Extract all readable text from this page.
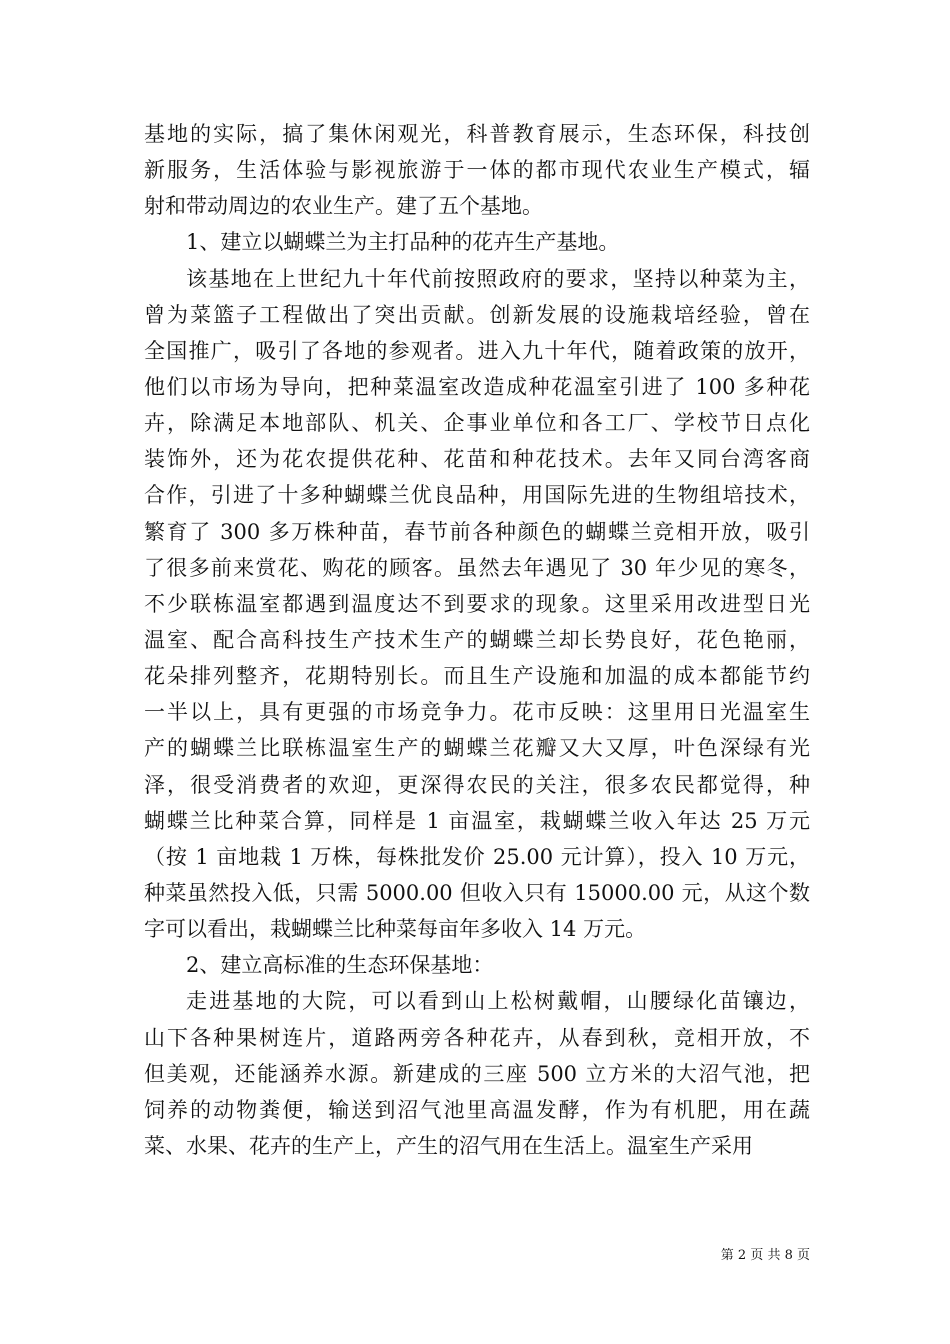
基地的实际，搞了集休闲观光，科普教育展示，生态环保，科技创
新服务，生活体验与影视旅游于一体的都市现代农业生产模式，辐
射和带动周边的农业生产。建了五个基地。
1、建立以蝴蝶兰为主打品种的花卉生产基地。
该基地在上世纪九十年代前按照政府的要求，坚持以种菜为主，
曾为菜篮子工程做出了突出贡献。创新发展的设施栽培经验，曾在
全国推广，吸引了各地的参观者。进入九十年代，随着政策的放开，
他们以市场为导向，把种菜温室改造成种花温室引进了 100 多种花
卉，除满足本地部队、机关、企事业单位和各工厂、学校节日点化
装饰外，还为花农提供花种、花苗和种花技术。去年又同台湾客商
合作，引进了十多种蝴蝶兰优良品种，用国际先进的生物组培技术，
繁育了 300 多万株种苗，春节前各种颜色的蝴蝶兰竞相开放，吸引
了很多前来赏花、购花的顾客。虽然去年遇见了 30 年少见的寒冬，
不少联栋温室都遇到温度达不到要求的现象。这里采用改进型日光
温室、配合高科技生产技术生产的蝴蝶兰却长势良好，花色艳丽，
花朵排列整齐，花期特别长。而且生产设施和加温的成本都能节约
一半以上，具有更强的市场竞争力。花市反映：这里用日光温室生
产的蝴蝶兰比联栋温室生产的蝴蝶兰花瓣又大又厚，叶色深绿有光
泽，很受消费者的欢迎，更深得农民的关注，很多农民都觉得，种
蝴蝶兰比种菜合算，同样是 1 亩温室，栽蝴蝶兰收入年达 25 万元
（按 1 亩地栽 1 万株，每株批发价 25.00 元计算），投入 10 万元，
种菜虽然投入低，只需 5000.00 但收入只有 15000.00 元，从这个数
字可以看出，栽蝴蝶兰比种菜每亩年多收入 14 万元。
2、建立高标准的生态环保基地：
走进基地的大院，可以看到山上松树戴帽，山腰绿化苗镶边，
山下各种果树连片，道路两旁各种花卉，从春到秋，竞相开放，不
但美观，还能涵养水源。新建成的三座 500 立方米的大沼气池，把
饲养的动物粪便，输送到沼气池里高温发酵，作为有机肥，用在蔬
菜、水果、花卉的生产上，产生的沼气用在生活上。温室生产采用
第 2 页 共 8 页
